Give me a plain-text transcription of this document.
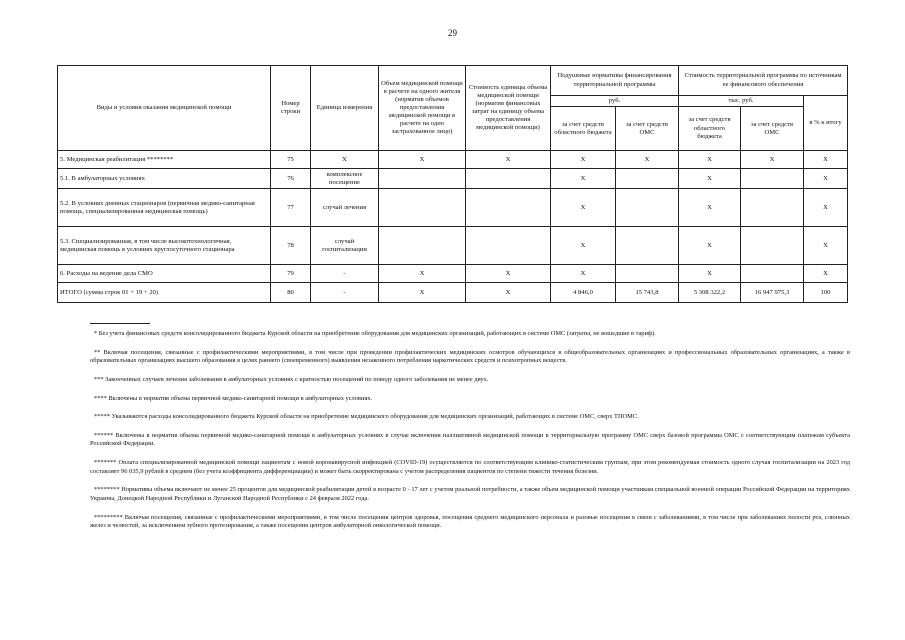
29
Виды и условия оказания медицинской помощи	Номер строки	Единица измерения	Объем медицинской помощи в расчете на одного жителя (норматив объемов предоставления медицинской помощи в расчете на одно застрахованное лицо)	Стоимость единицы объема медицинской помощи (норматив финансовых затрат на единицу объема предоставления медицинской помощи)	Подушевые нормативы финансирования территориальной программы		Стоимость территориальной программы по источникам ее финансового обеспечения		
					руб.		тыс. руб.		в % к итогу
					за счет средств областного бюджета	за счет средств ОМС	за счет средств областного бюджета	за счет средств ОМС	
5. Медицинская реабилитация ********	75	X	X	X	X	X	X	X	X
5.1. В амбулаторных условиях	76	комплексное посещение			X		X		X
5.2. В условиях дневных стационаров (первичная медико-санитарная помощь, специализированная медицинская помощь)	77	случай лечения			X		X		X
5.3. Специализированная, в том числе высокотехнологичная, медицинская помощь в условиях круглосуточного стационара	78	случай госпитализации			X		X		X
6. Расходы на ведение дела СМО	79	-	X	X	X		X		X
ИТОГО (сумма строк 01 + 19 + 20)	80	-	X	X	4 846,0	15 743,8	5 308 322,2	16 947 975,3	100

* Без учета финансовых средств консолидированного бюджета Курской области на приобретение оборудования для медицинских организаций, работающих в системе ОМС (затраты, не вошедшие в тариф).

** Включая посещения, связанные с профилактическими мероприятиями, в том числе при проведении профилактических медицинских осмотров обучающихся в общеобразовательных организациях и профессиональных образовательных организациях, а также в образовательных организациях высшего образования в целях раннего (своевременного) выявления незаконного потребления наркотических средств и психотропных веществ.

*** Законченных случаев лечения заболевания в амбулаторных условиях с кратностью посещений по поводу одного заболевания не менее двух.

**** Включены в норматив объема первичной медико-санитарной помощи в амбулаторных условиях.

***** Указываются расходы консолидированного бюджета Курской области на приобретение медицинского оборудования для медицинских организаций, работающих в системе ОМС, сверх ТПОМС.

****** Включены в норматив объема первичной медико-санитарной помощи в амбулаторных условиях в случае включения паллиативной медицинской помощи в территориальную программу ОМС сверх базовой программы ОМС с соответствующим платежом субъекта Российской Федерации.

******* Оплата специализированной медицинской помощи пациентам с новой коронавирусной инфекцией (COVID-19) осуществляется по соответствующим клинико-статистическим группам, при этом рекомендуемая стоимость одного случая госпитализации на 2023 год составляет 96 035,9 рублей в среднем (без учета коэффициента дифференциации) и может быть скорректирована с учетом распределения пациентов по степени тяжести течения болезни.

******** Нормативы объема включают не менее 25 процентов для медицинской реабилитации детей в возрасте 0 - 17 лет с учетом реальной потребности, а также объем медицинской помощи участникам специальной военной операции Российской Федерации на территориях Украины, Донецкой Народной Республики и Луганской Народной Республики с 24 февраля 2022 года.

********* Включая посещения, связанные с профилактическими мероприятиями, в том числе посещения центров здоровья, посещения среднего медицинского персонала и разовые посещения в связи с заболеваниями, в том числе при заболеваниях полости рта, слюнных желез и челюстей, за исключением зубного протезирования, а также посещения центров амбулаторной онкологической помощи.
